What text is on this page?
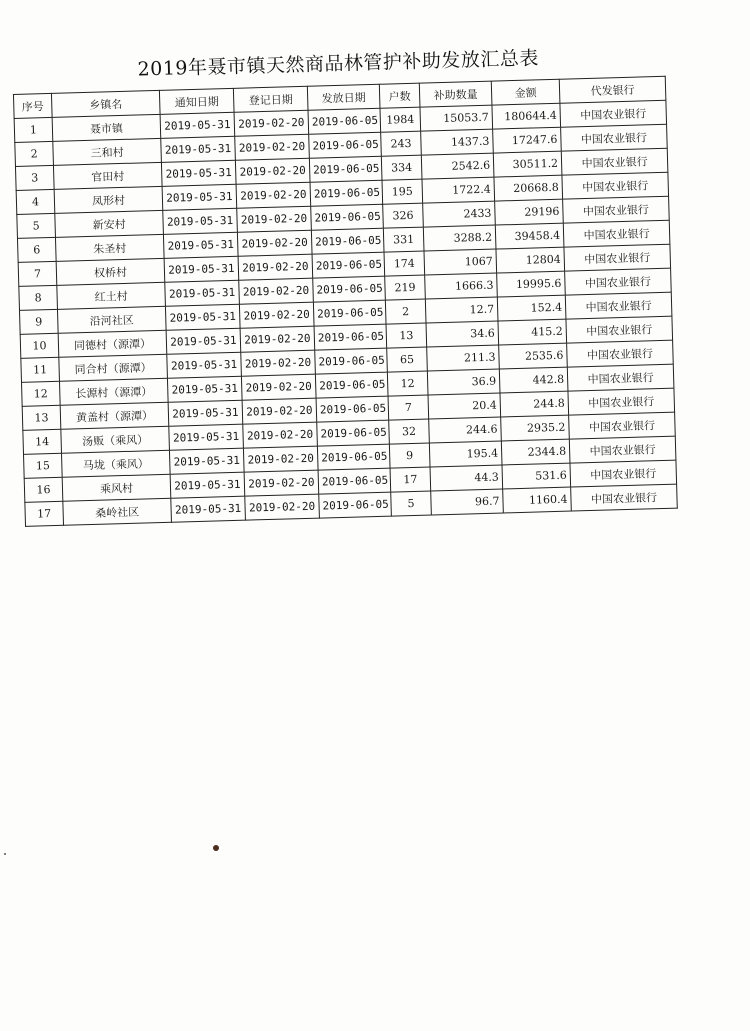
2019年聂市镇天然商品林管护补助发放汇总表
序号	乡镇名	通知日期	登记日期	发放日期	户数	补助数量	金额	代发银行
1	聂市镇	2019-05-31	2019-02-20	2019-06-05	1984	15053.7	180644.4	中国农业银行
2	三和村	2019-05-31	2019-02-20	2019-06-05	243	1437.3	17247.6	中国农业银行
3	官田村	2019-05-31	2019-02-20	2019-06-05	334	2542.6	30511.2	中国农业银行
4	凤形村	2019-05-31	2019-02-20	2019-06-05	195	1722.4	20668.8	中国农业银行
5	新安村	2019-05-31	2019-02-20	2019-06-05	326	2433	29196	中国农业银行
6	朱圣村	2019-05-31	2019-02-20	2019-06-05	331	3288.2	39458.4	中国农业银行
7	权桥村	2019-05-31	2019-02-20	2019-06-05	174	1067	12804	中国农业银行
8	红土村	2019-05-31	2019-02-20	2019-06-05	219	1666.3	19995.6	中国农业银行
9	沿河社区	2019-05-31	2019-02-20	2019-06-05	2	12.7	152.4	中国农业银行
10	同德村（源潭）	2019-05-31	2019-02-20	2019-06-05	13	34.6	415.2	中国农业银行
11	同合村（源潭）	2019-05-31	2019-02-20	2019-06-05	65	211.3	2535.6	中国农业银行
12	长源村（源潭）	2019-05-31	2019-02-20	2019-06-05	12	36.9	442.8	中国农业银行
13	黄盖村（源潭）	2019-05-31	2019-02-20	2019-06-05	7	20.4	244.8	中国农业银行
14	汤贩（乘风）	2019-05-31	2019-02-20	2019-06-05	32	244.6	2935.2	中国农业银行
15	马垅（乘风）	2019-05-31	2019-02-20	2019-06-05	9	195.4	2344.8	中国农业银行
16	乘风村	2019-05-31	2019-02-20	2019-06-05	17	44.3	531.6	中国农业银行
17	桑岭社区	2019-05-31	2019-02-20	2019-06-05	5	96.7	1160.4	中国农业银行
